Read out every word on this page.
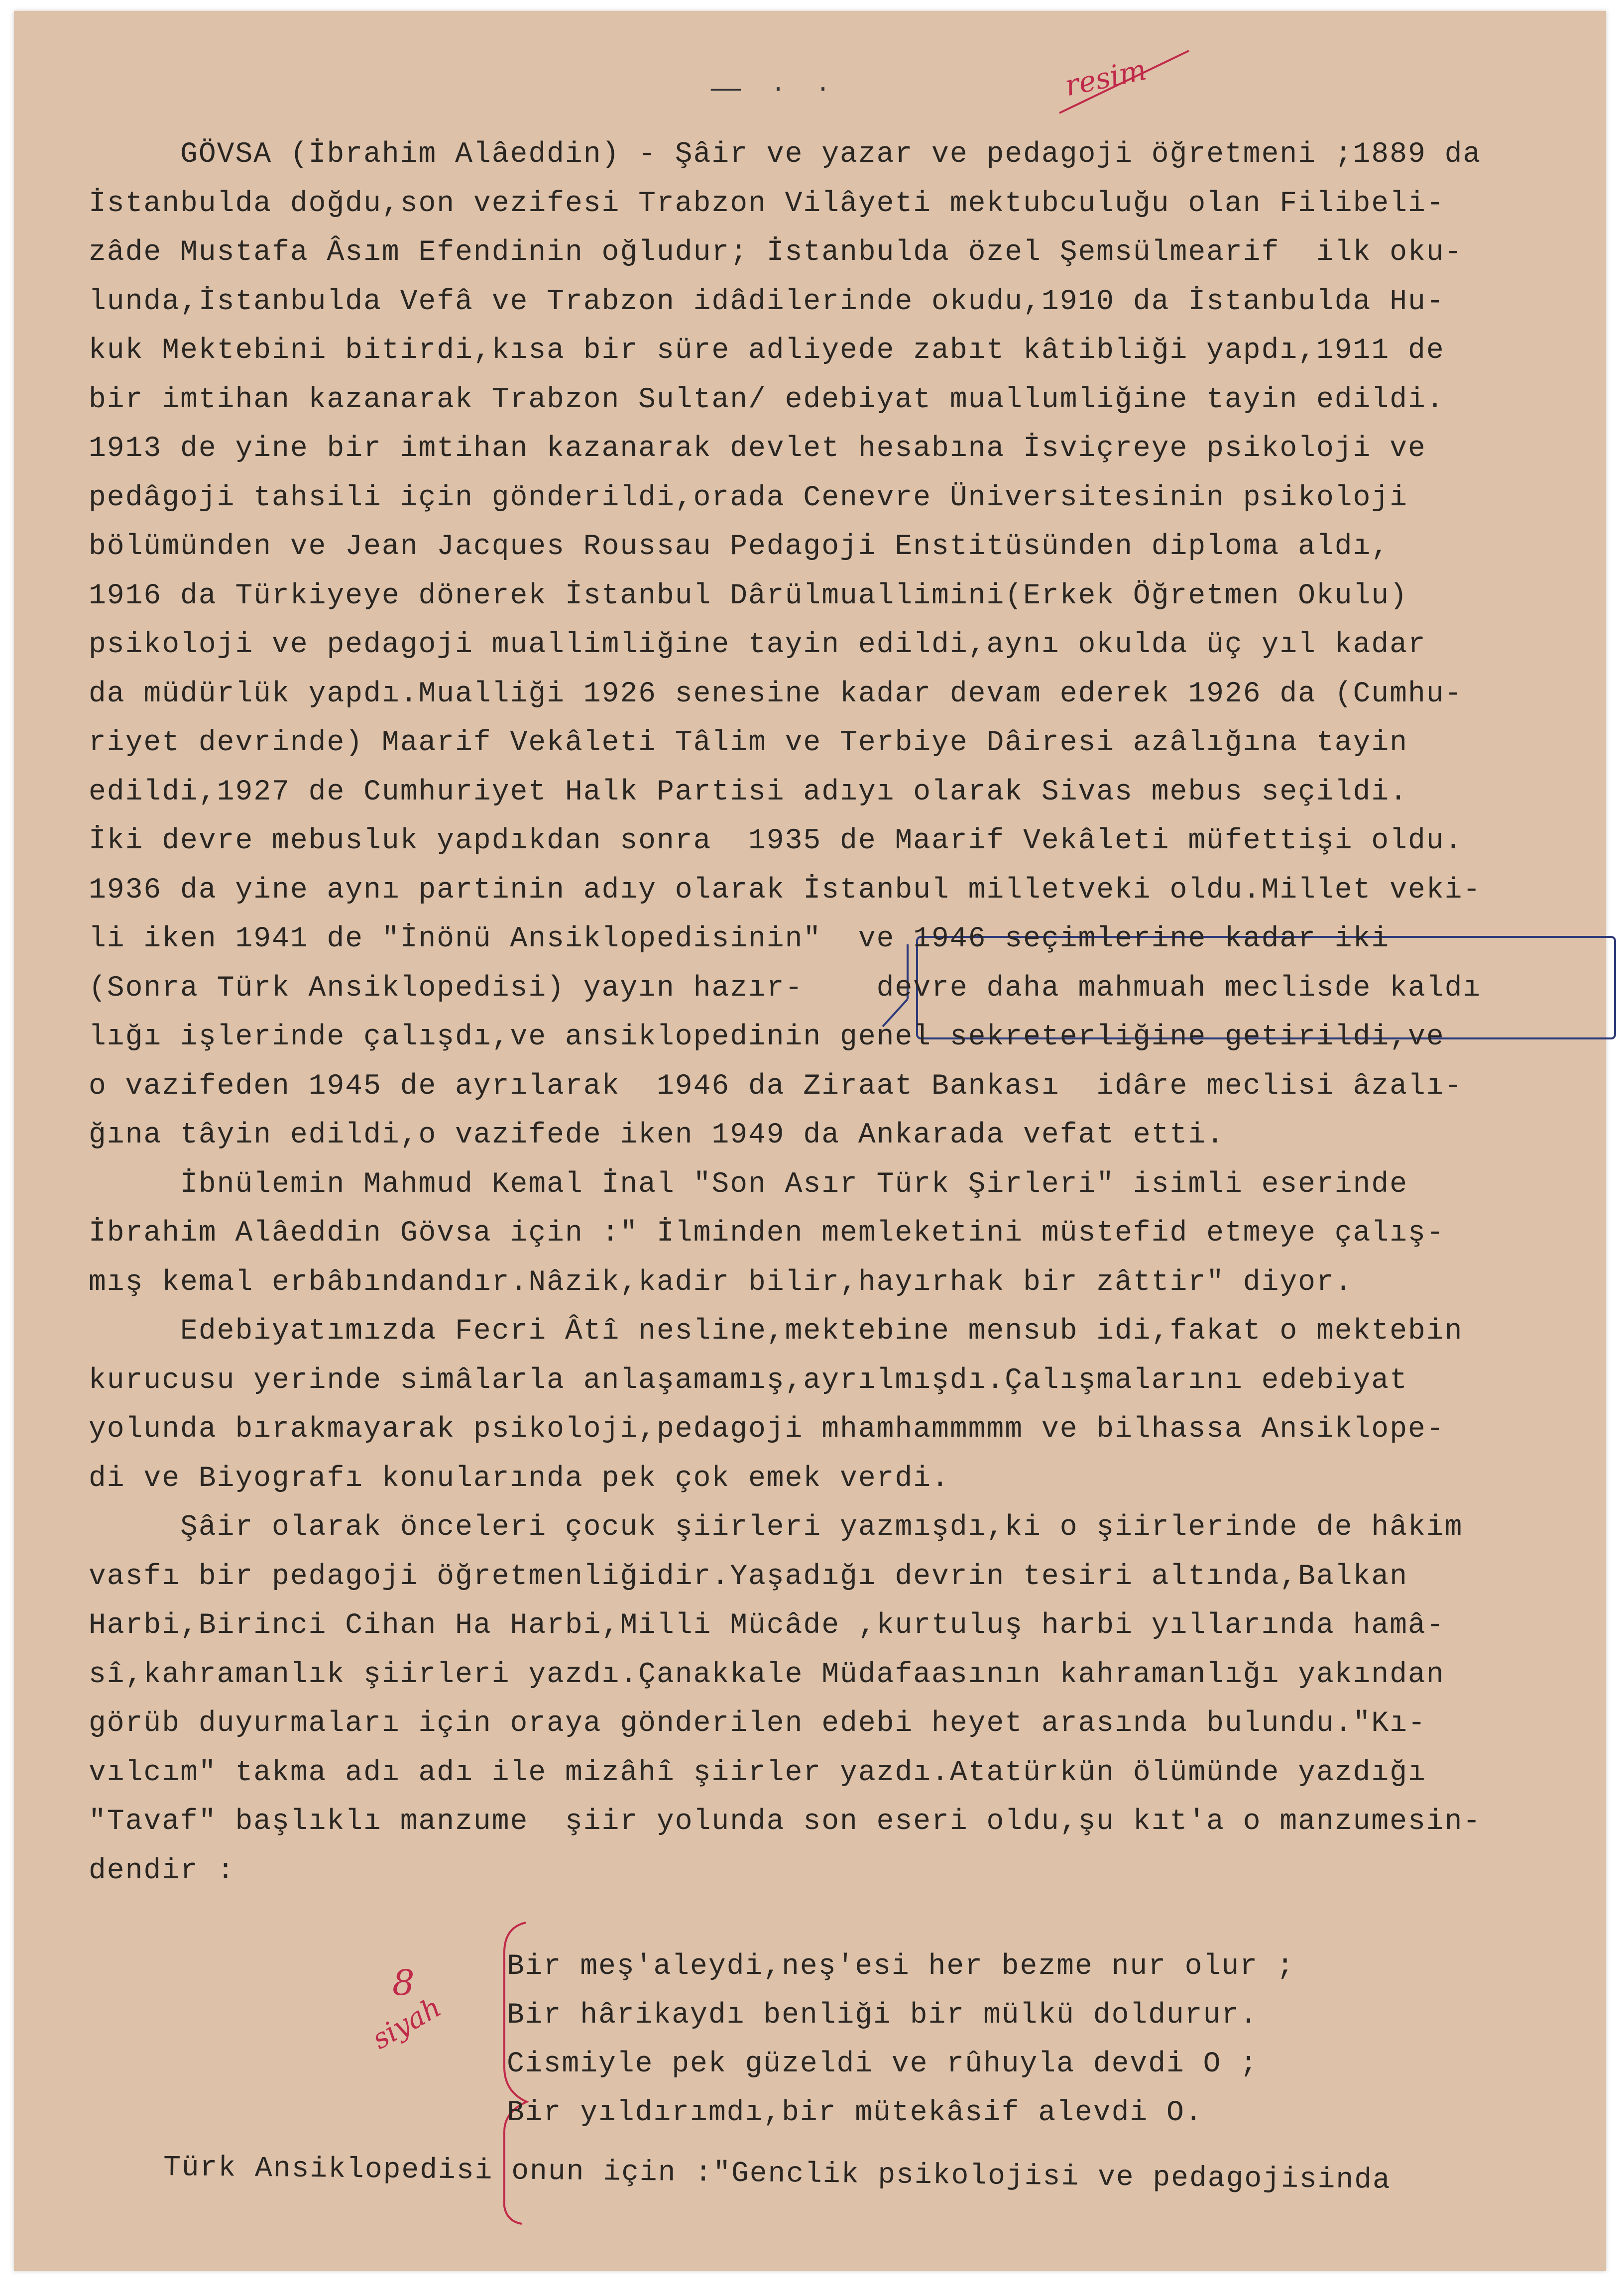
——  ·  ·	resim
GÖVSA (İbrahim Alâeddin) - Şâir ve yazar ve pedagoji öğretmeni ;1889 da
İstanbulda doğdu,son vezifesi Trabzon Vilâyeti mektubculuğu olan Filibeli-
zâde Mustafa Âsım Efendinin oğludur; İstanbulda özel Şemsülmearif  ilk oku-
lunda,İstanbulda Vefâ ve Trabzon idâdilerinde okudu,1910 da İstanbulda Hu-
kuk Mektebini bitirdi,kısa bir süre adliyede zabıt kâtibliği yapdı,1911 de
bir imtihan kazanarak Trabzon Sultan/ edebiyat muallumliğine tayin edildi.
1913 de yine bir imtihan kazanarak devlet hesabına İsviçreye psikoloji ve
pedâgoji tahsili için gönderildi,orada Cenevre Üniversitesinin psikoloji
bölümünden ve Jean Jacques Roussau Pedagoji Enstitüsünden diploma aldı,
1916 da Türkiyeye dönerek İstanbul Dârülmuallimini(Erkek Öğretmen Okulu)
psikoloji ve pedagoji muallimliğine tayin edildi,aynı okulda üç yıl kadar
da müdürlük yapdı.Mualliği 1926 senesine kadar devam ederek 1926 da (Cumhu-
riyet devrinde) Maarif Vekâleti Tâlim ve Terbiye Dâiresi azâlığına tayin
edildi,1927 de Cumhuriyet Halk Partisi adıyı olarak Sivas mebus seçildi.
İki devre mebusluk yapdıkdan sonra  1935 de Maarif Vekâleti müfettişi oldu.
1936 da yine aynı partinin adıy olarak İstanbul milletveki oldu.Millet veki-
li iken 1941 de "İnönü Ansiklopedisinin"  ve 1946 seçimlerine kadar iki
(Sonra Türk Ansiklopedisi) yayın hazır-    devre daha mahmuah meclisde kaldı
lığı işlerinde çalışdı,ve ansiklopedinin genel sekreterliğine getirildi,ve
o vazifeden 1945 de ayrılarak  1946 da Ziraat Bankası  idâre meclisi âzalı-
ğına tâyin edildi,o vazifede iken 1949 da Ankarada vefat etti.
İbnülemin Mahmud Kemal İnal "Son Asır Türk Şirleri" isimli eserinde
İbrahim Alâeddin Gövsa için :" İlminden memleketini müstefid etmeye çalış-
mış kemal erbâbındandır.Nâzik,kadir bilir,hayırhak bir zâttir" diyor.
Edebiyatımızda Fecri Âtî nesline,mektebine mensub idi,fakat o mektebin
kurucusu yerinde simâlarla anlaşamamış,ayrılmışdı.Çalışmalarını edebiyat
yolunda bırakmayarak psikoloji,pedagoji mhamhammmmm ve bilhassa Ansiklope-
di ve Biyografı konularında pek çok emek verdi.
Şâir olarak önceleri çocuk şiirleri yazmışdı,ki o şiirlerinde de hâkim
vasfı bir pedagoji öğretmenliğidir.Yaşadığı devrin tesiri altında,Balkan
Harbi,Birinci Cihan Ha Harbi,Milli Mücâde ,kurtuluş harbi yıllarında hamâ-
sî,kahramanlık şiirleri yazdı.Çanakkale Müdafaasının kahramanlığı yakından
görüb duyurmaları için oraya gönderilen edebi heyet arasında bulundu."Kı-
vılcım" takma adı adı ile mizâhî şiirler yazdı.Atatürkün ölümünde yazdığı
"Tavaf" başlıklı manzume  şiir yolunda son eseri oldu,şu kıt'a o manzumesin-
dendir :
8
siyah
Bir meş'aleydi,neş'esi her bezme nur olur ;
Bir hârikaydı benliği bir mülkü doldurur.
Cismiyle pek güzeldi ve rûhuyla devdi O ;
Bir yıldırımdı,bir mütekâsif alevdi O.
Türk Ansiklopedisi onun için :"Genclik psikolojisi ve pedagojisinda
